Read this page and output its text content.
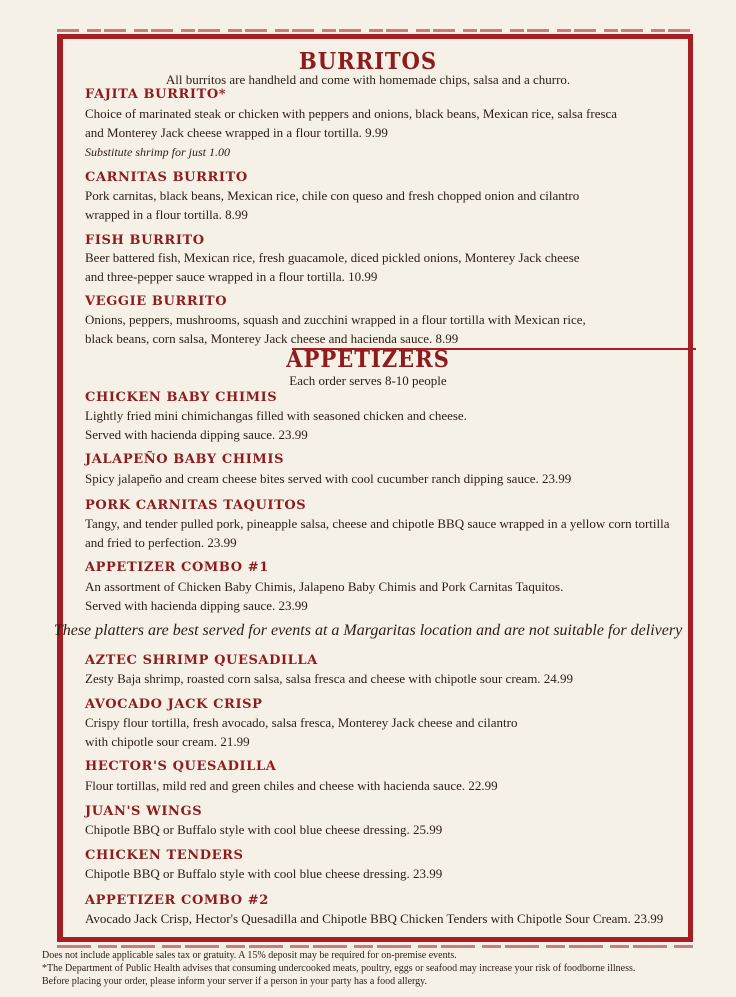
BURRITOS
All burritos are handheld and come with homemade chips, salsa and a churro.
FAJITA BURRITO*
Choice of marinated steak or chicken with peppers and onions, black beans, Mexican rice, salsa fresca
and Monterey Jack cheese wrapped in a flour tortilla. 9.99
Substitute shrimp for just 1.00
CARNITAS BURRITO
Pork carnitas, black beans, Mexican rice, chile con queso and fresh chopped onion and cilantro
wrapped in a flour tortilla. 8.99
FISH BURRITO
Beer battered fish, Mexican rice, fresh guacamole, diced pickled onions, Monterey Jack cheese
and three-pepper sauce wrapped in a flour tortilla. 10.99
VEGGIE BURRITO
Onions, peppers, mushrooms, squash and zucchini wrapped in a flour tortilla with Mexican rice,
black beans, corn salsa, Monterey Jack cheese and hacienda sauce. 8.99
APPETIZERS
Each order serves 8-10 people
CHICKEN BABY CHIMIS
Lightly fried mini chimichangas filled with seasoned chicken and cheese.
Served with hacienda dipping sauce. 23.99
JALAPEÑO BABY CHIMIS
Spicy jalapeño and cream cheese bites served with cool cucumber ranch dipping sauce. 23.99
PORK CARNITAS TAQUITOS
Tangy, and tender pulled pork, pineapple salsa, cheese and chipotle BBQ sauce wrapped in a yellow corn tortilla
and fried to perfection. 23.99
APPETIZER COMBO #1
An assortment of Chicken Baby Chimis, Jalapeno Baby Chimis and Pork Carnitas Taquitos.
Served with hacienda dipping sauce. 23.99
These platters are best served for events at a Margaritas location and are not suitable for delivery
AZTEC SHRIMP QUESADILLA
Zesty Baja shrimp, roasted corn salsa, salsa fresca and cheese with chipotle sour cream. 24.99
AVOCADO JACK CRISP
Crispy flour tortilla, fresh avocado, salsa fresca, Monterey Jack cheese and cilantro
with chipotle sour cream. 21.99
HECTOR'S QUESADILLA
Flour tortillas, mild red and green chiles and cheese with hacienda sauce. 22.99
JUAN'S WINGS
Chipotle BBQ or Buffalo style with cool blue cheese dressing. 25.99
CHICKEN TENDERS
Chipotle BBQ or Buffalo style with cool blue cheese dressing. 23.99
APPETIZER COMBO #2
Avocado Jack Crisp, Hector's Quesadilla and Chipotle BBQ Chicken Tenders with Chipotle Sour Cream. 23.99
Does not include applicable sales tax or gratuity. A 15% deposit may be required for on-premise events.
*The Department of Public Health advises that consuming undercooked meats, poultry, eggs or seafood may increase your risk of foodborne illness.
Before placing your order, please inform your server if a person in your party has a food allergy.
